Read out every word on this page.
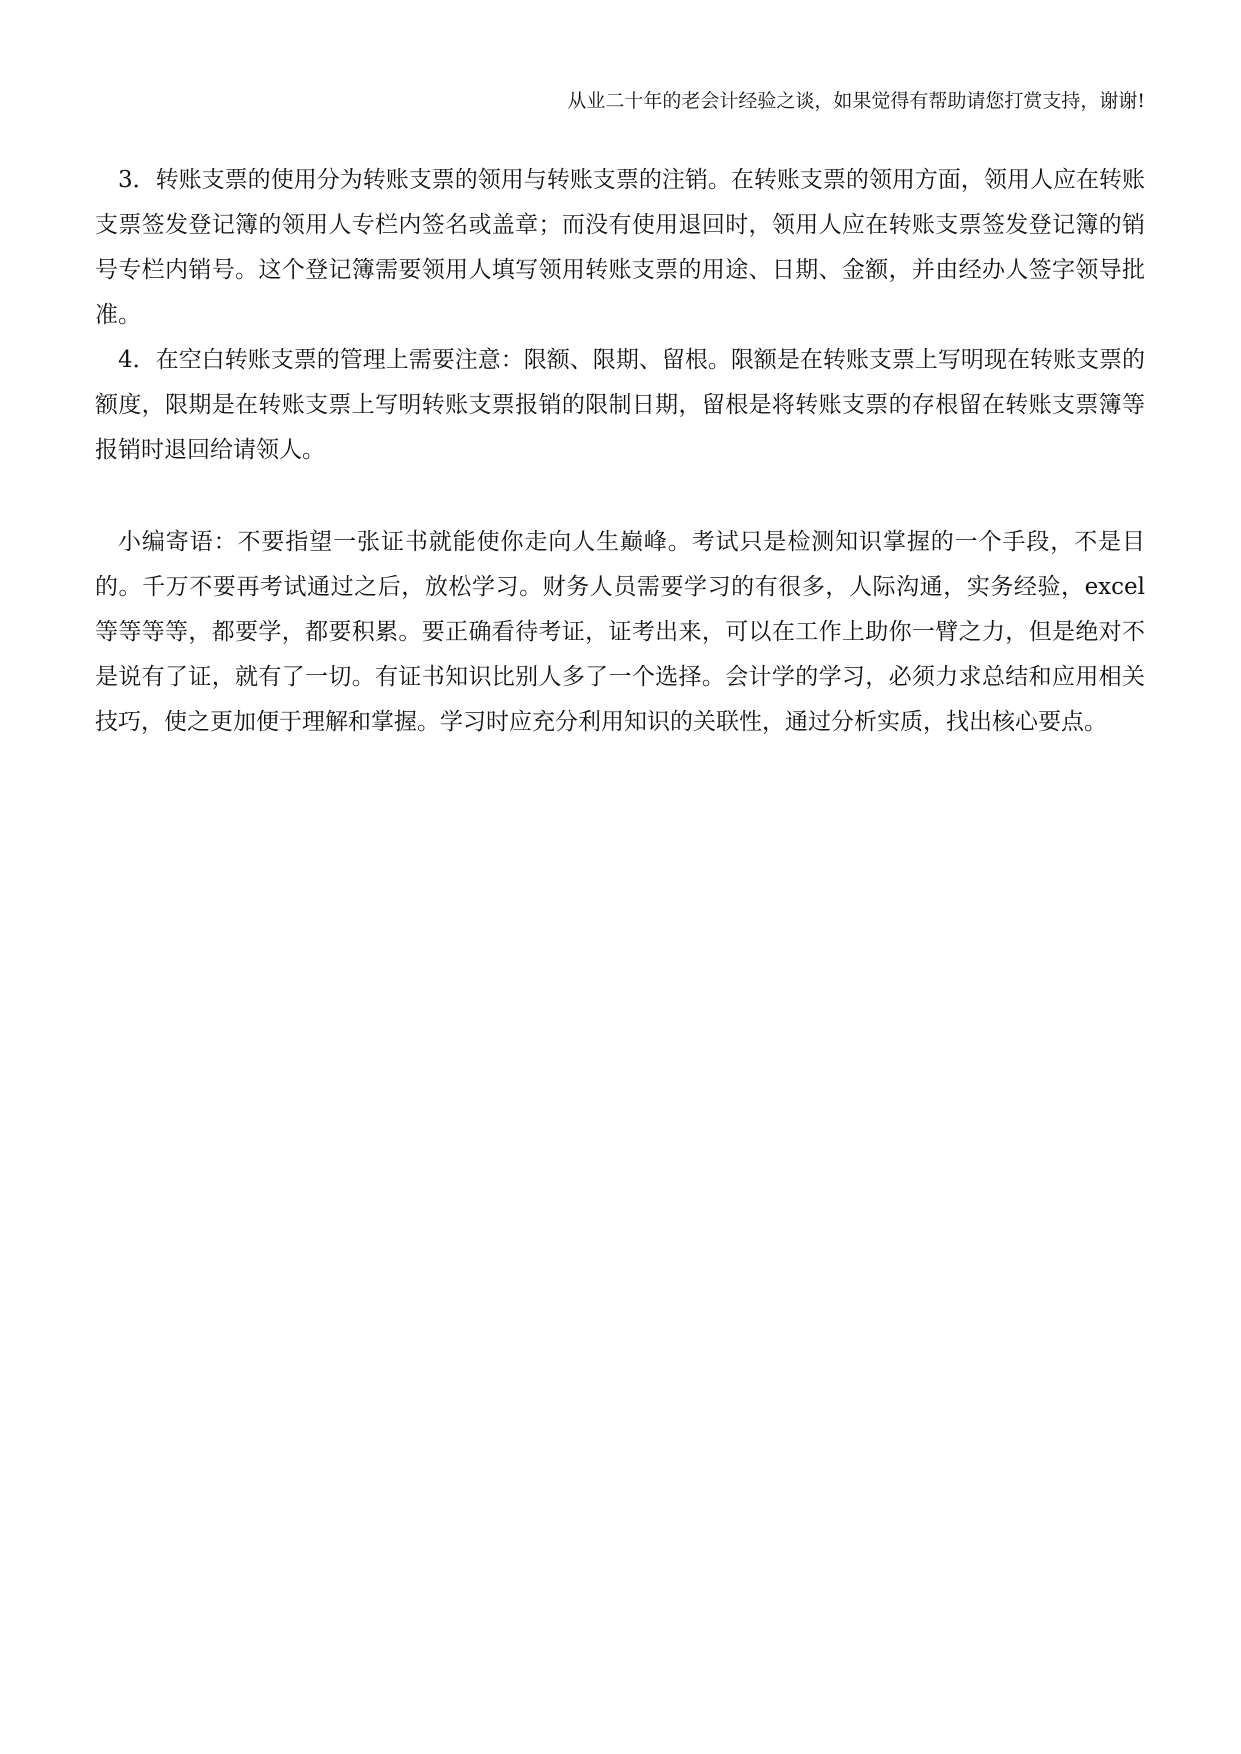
从业二十年的老会计经验之谈，如果觉得有帮助请您打赏支持，谢谢!

3．转账支票的使用分为转账支票的领用与转账支票的注销。在转账支票的领用方面，领用人应在转账支票签发登记簿的领用人专栏内签名或盖章；而没有使用退回时，领用人应在转账支票签发登记簿的销号专栏内销号。这个登记簿需要领用人填写领用转账支票的用途、日期、金额，并由经办人签字领导批准。

4．在空白转账支票的管理上需要注意：限额、限期、留根。限额是在转账支票上写明现在转账支票的额度，限期是在转账支票上写明转账支票报销的限制日期，留根是将转账支票的存根留在转账支票簿等报销时退回给请领人。

小编寄语：不要指望一张证书就能使你走向人生巅峰。考试只是检测知识掌握的一个手段，不是目的。千万不要再考试通过之后，放松学习。财务人员需要学习的有很多，人际沟通，实务经验，excel 等等等等，都要学，都要积累。要正确看待考证，证考出来，可以在工作上助你一臂之力，但是绝对不是说有了证，就有了一切。有证书知识比别人多了一个选择。会计学的学习，必须力求总结和应用相关技巧，使之更加便于理解和掌握。学习时应充分利用知识的关联性，通过分析实质，找出核心要点。
